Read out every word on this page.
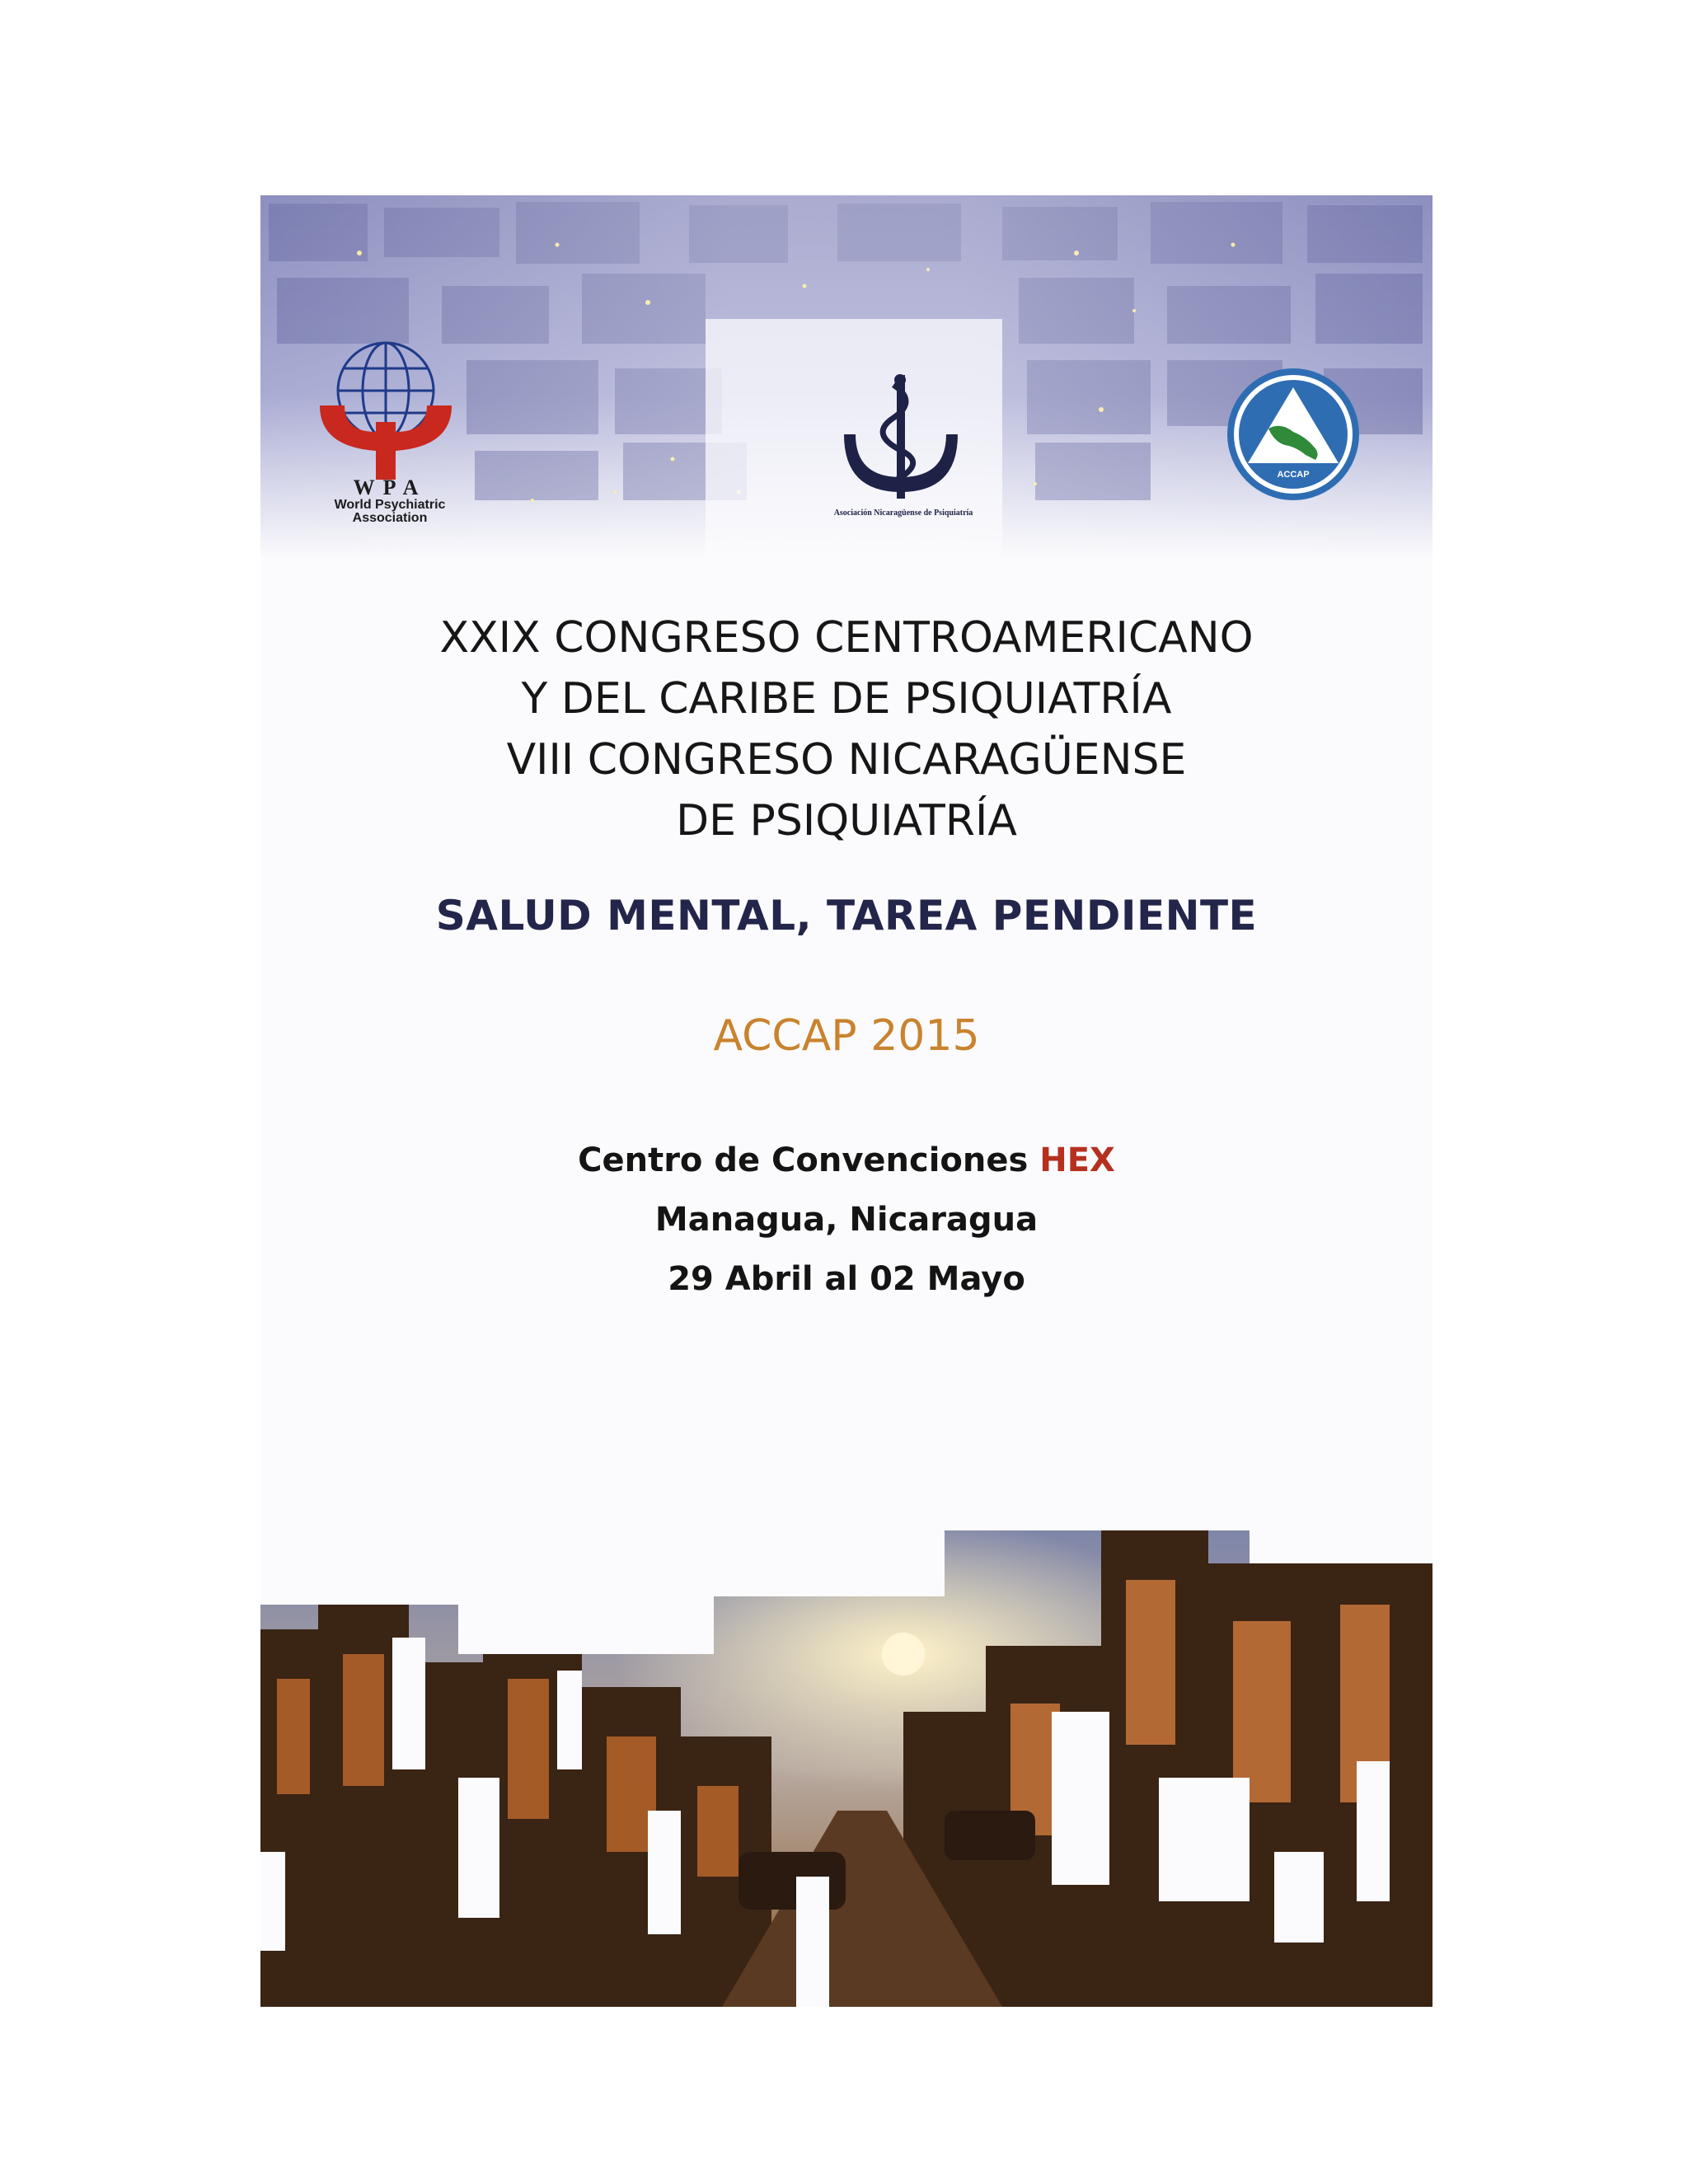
WPA
World Psychiatric
Association	Asociación Nicaragüense de Psiquiatría
ACCAP
XXIX CONGRESO CENTROAMERICANO
Y DEL CARIBE DE PSIQUIATRÍA
VIII CONGRESO NICARAGÜENSE
DE PSIQUIATRÍA
SALUD MENTAL, TAREA PENDIENTE
ACCAP 2015
Centro de Convenciones HEX
Managua, Nicaragua
29 Abril al 02 Mayo
